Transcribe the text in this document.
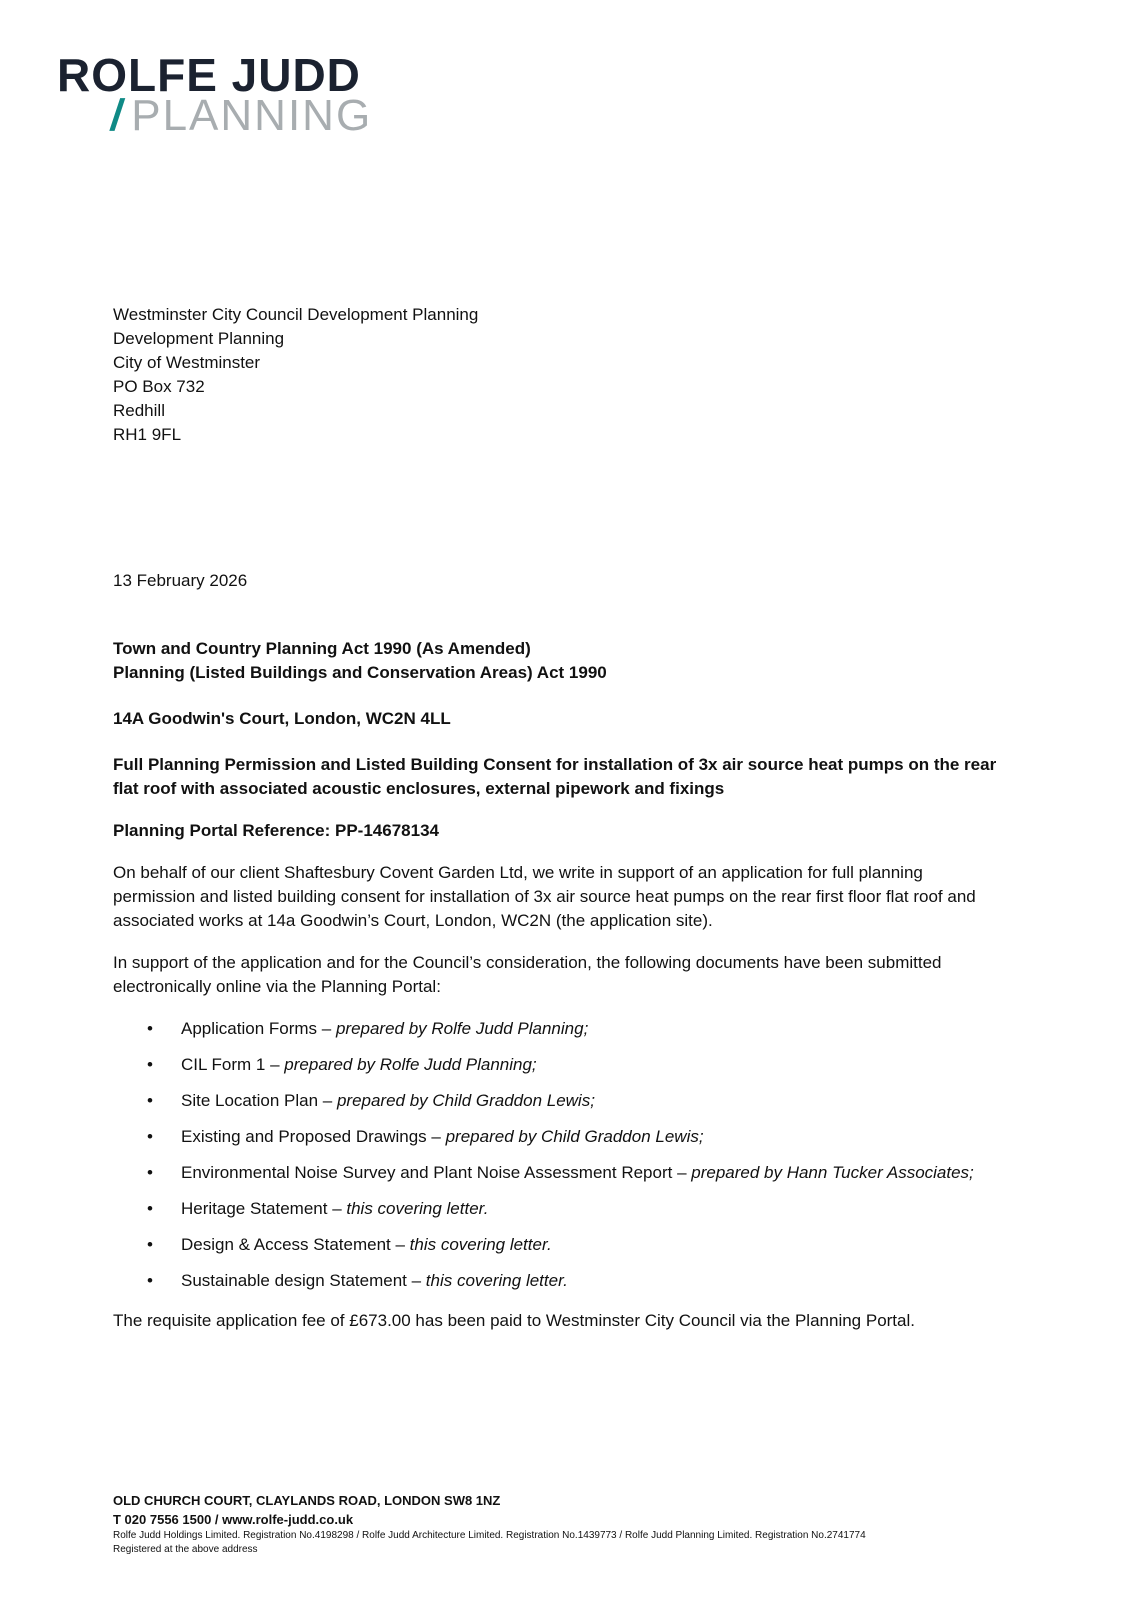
ROLFE JUDD
/PLANNING
Westminster City Council Development Planning
Development Planning
City of Westminster
PO Box 732
Redhill
RH1 9FL
13 February 2026

Town and Country Planning Act 1990 (As Amended)

Planning (Listed Buildings and Conservation Areas) Act 1990

14A Goodwin's Court, London, WC2N 4LL

Full Planning Permission and Listed Building Consent for installation of 3x air source heat pumps on the rear flat roof with associated acoustic enclosures, external pipework and fixings

Planning Portal Reference: PP-14678134

On behalf of our client Shaftesbury Covent Garden Ltd, we write in support of an application for full planning permission and listed building consent for installation of 3x air source heat pumps on the rear first floor flat roof and associated works at 14a Goodwin’s Court, London, WC2N (the application site).

In support of the application and for the Council’s consideration, the following documents have been submitted electronically online via the Planning Portal:

• Application Forms – prepared by Rolfe Judd Planning;
• CIL Form 1 – prepared by Rolfe Judd Planning;
• Site Location Plan – prepared by Child Graddon Lewis;
• Existing and Proposed Drawings – prepared by Child Graddon Lewis;
• Environmental Noise Survey and Plant Noise Assessment Report – prepared by Hann Tucker Associates;
• Heritage Statement – this covering letter.
• Design & Access Statement – this covering letter.
• Sustainable design Statement – this covering letter.

The requisite application fee of £673.00 has been paid to Westminster City Council via the Planning Portal.

OLD CHURCH COURT, CLAYLANDS ROAD, LONDON SW8 1NZ
T 020 7556 1500 / www.rolfe-judd.co.uk
Rolfe Judd Holdings Limited. Registration No.4198298 / Rolfe Judd Architecture Limited. Registration No.1439773 / Rolfe Judd Planning Limited. Registration No.2741774
Registered at the above address
